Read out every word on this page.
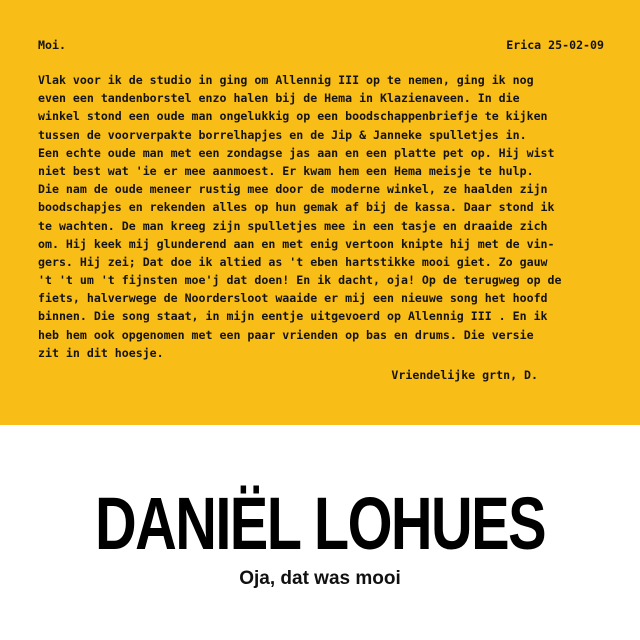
Moi.	Erica 25-02-09
Vlak voor ik de studio in ging om Allennig III op te nemen, ging ik nog
even een tandenborstel enzo halen bij de Hema in Klazienaveen. In die
winkel stond een oude man ongelukkig op een boodschappenbriefje te kijken
tussen de voorverpakte borrelhapjes en de Jip & Janneke spulletjes in.
Een echte oude man met een zondagse jas aan en een platte pet op. Hij wist
niet best wat 'ie er mee aanmoest. Er kwam hem een Hema meisje te hulp.
Die nam de oude meneer rustig mee door de moderne winkel, ze haalden zijn
boodschapjes en rekenden alles op hun gemak af bij de kassa. Daar stond ik
te wachten. De man kreeg zijn spulletjes mee in een tasje en draaide zich
om. Hij keek mij glunderend aan en met enig vertoon knipte hij met de vin-
gers. Hij zei; Dat doe ik altied as 't eben hartstikke mooi giet. Zo gauw
't 't um 't fijnsten moe'j dat doen! En ik dacht, oja! Op de terugweg op de
fiets, halverwege de Noordersloot waaide er mij een nieuwe song het hoofd
binnen. Die song staat, in mijn eentje uitgevoerd op Allennig III . En ik
heb hem ook opgenomen met een paar vrienden op bas en drums. Die versie
zit in dit hoesje.
Vriendelijke grtn, D.
DANIËL LOHUES
Oja, dat was mooi
